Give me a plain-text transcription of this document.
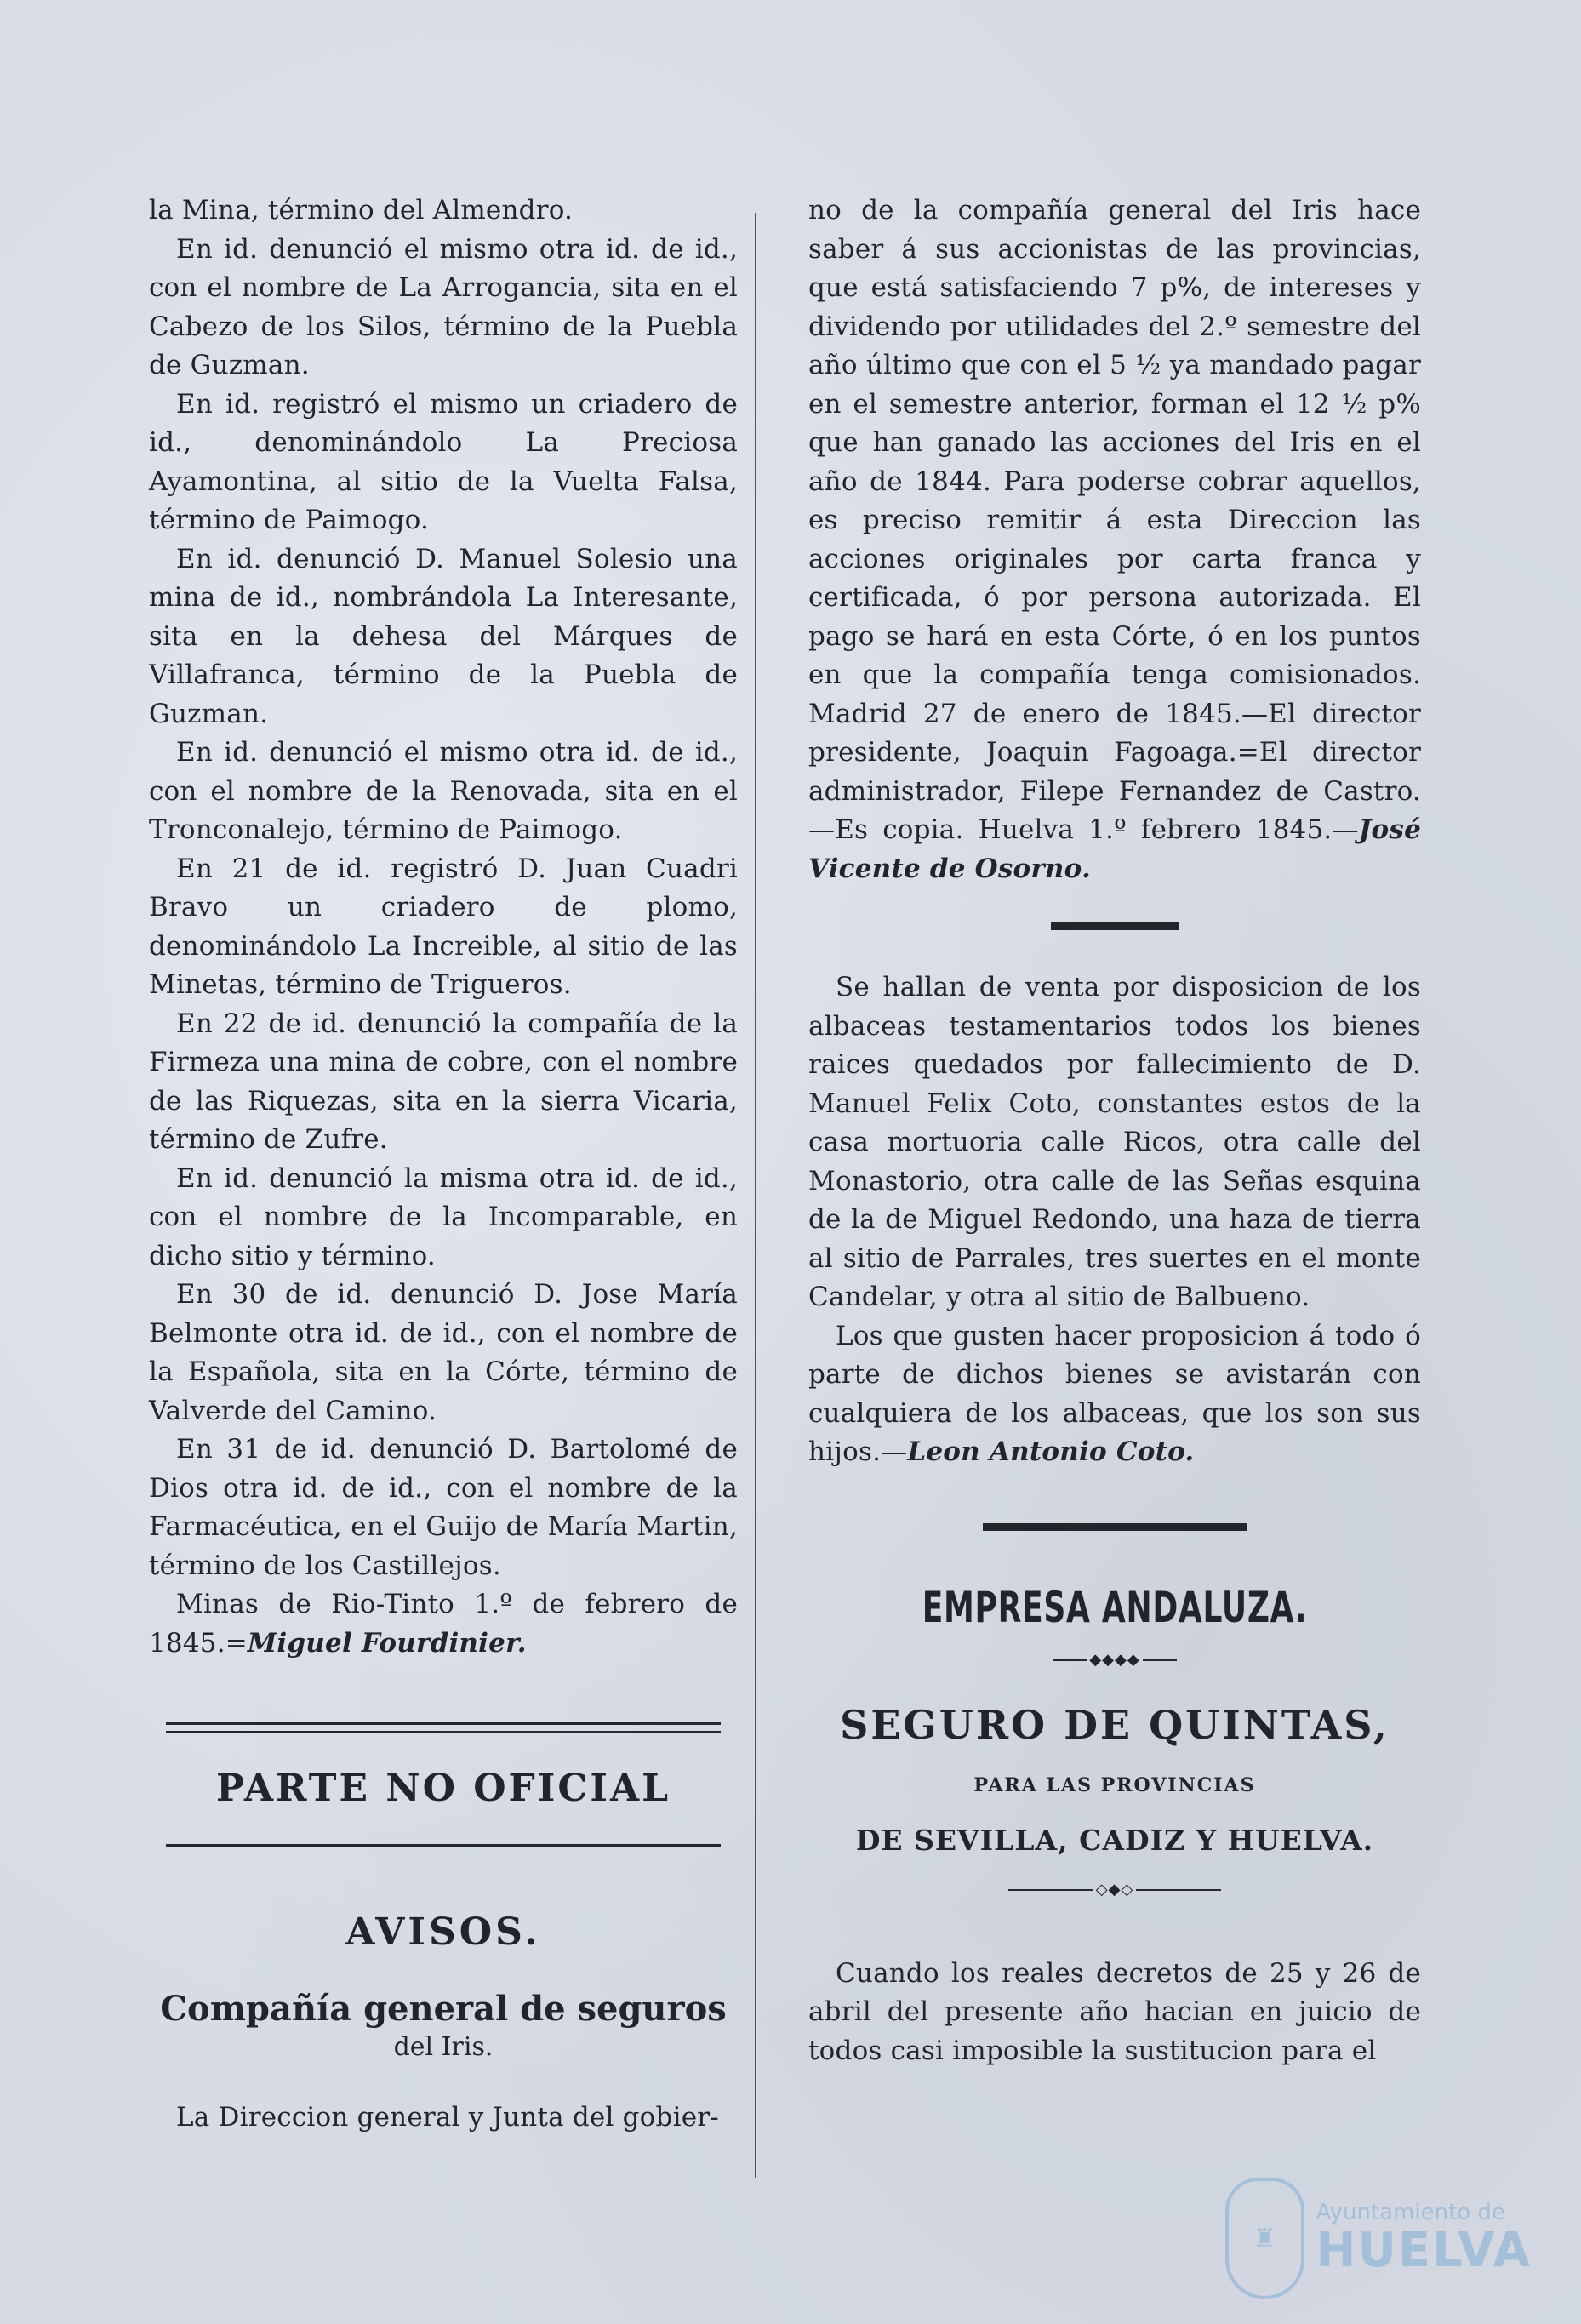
la Mina, término del Almendro.

En id. denunció el mismo otra id. de id., con el nombre de La Arrogancia, sita en el Cabezo de los Silos, término de la Puebla de Guzman.

En id. registró el mismo un criadero de id., denominándolo La Preciosa Ayamontina, al sitio de la Vuelta Falsa, término de Paimogo.

En id. denunció D. Manuel Solesio una mina de id., nombrándola La Interesante, sita en la dehesa del Márques de Villafranca, término de la Puebla de Guzman.

En id. denunció el mismo otra id. de id., con el nombre de la Renovada, sita en el Tronconalejo, término de Paimogo.

En 21 de id. registró D. Juan Cuadri Bravo un criadero de plomo, denominándolo La Increible, al sitio de las Minetas, término de Trigueros.

En 22 de id. denunció la compañía de la Firmeza una mina de cobre, con el nombre de las Riquezas, sita en la sierra Vicaria, término de Zufre.

En id. denunció la misma otra id. de id., con el nombre de la Incomparable, en dicho sitio y término.

En 30 de id. denunció D. Jose María Belmonte otra id. de id., con el nombre de la Española, sita en la Córte, término de Valverde del Camino.

En 31 de id. denunció D. Bartolomé de Dios otra id. de id., con el nombre de la Farmacéutica, en el Guijo de María Martin, término de los Castillejos.

Minas de Rio-Tinto 1.º de febrero de 1845.=Miguel Fourdinier.

PARTE NO OFICIAL
AVISOS.
Compañía general de seguros
del Iris.

La Direccion general y Junta del gobier-

no de la compañía general del Iris hace saber á sus accionistas de las provincias, que está satisfaciendo 7 p%, de intereses y dividendo por utilidades del 2.º semestre del año último que con el 5 ½ ya mandado pagar en el semestre anterior, forman el 12 ½ p% que han ganado las acciones del Iris en el año de 1844. Para poderse cobrar aquellos, es preciso remitir á esta Direccion las acciones originales por carta franca y certificada, ó por persona autorizada. El pago se hará en esta Córte, ó en los puntos en que la compañía tenga comisionados. Madrid 27 de enero de 1845.—El director presidente, Joaquin Fagoaga.=El director administrador, Filepe Fernandez de Castro.—Es copia. Huelva 1.º febrero 1845.—José Vicente de Osorno.

Se hallan de venta por disposicion de los albaceas testamentarios todos los bienes raices quedados por fallecimiento de D. Manuel Felix Coto, constantes estos de la casa mortuoria calle Ricos, otra calle del Monastorio, otra calle de las Señas esquina de la de Miguel Redondo, una haza de tierra al sitio de Parrales, tres suertes en el monte Candelar, y otra al sitio de Balbueno.

Los que gusten hacer proposicion á todo ó parte de dichos bienes se avistarán con cualquiera de los albaceas, que los son sus hijos.—Leon Antonio Coto.

EMPRESA ANDALUZA.
◆◆◆◆
SEGURO DE QUINTAS,
PARA LAS PROVINCIAS
DE SEVILLA, CADIZ Y HUELVA.
◇◆◇

Cuando los reales decretos de 25 y 26 de abril del presente año hacian en juicio de todos casi imposible la sustitucion para el

♜
Ayuntamiento de
HUELVA
